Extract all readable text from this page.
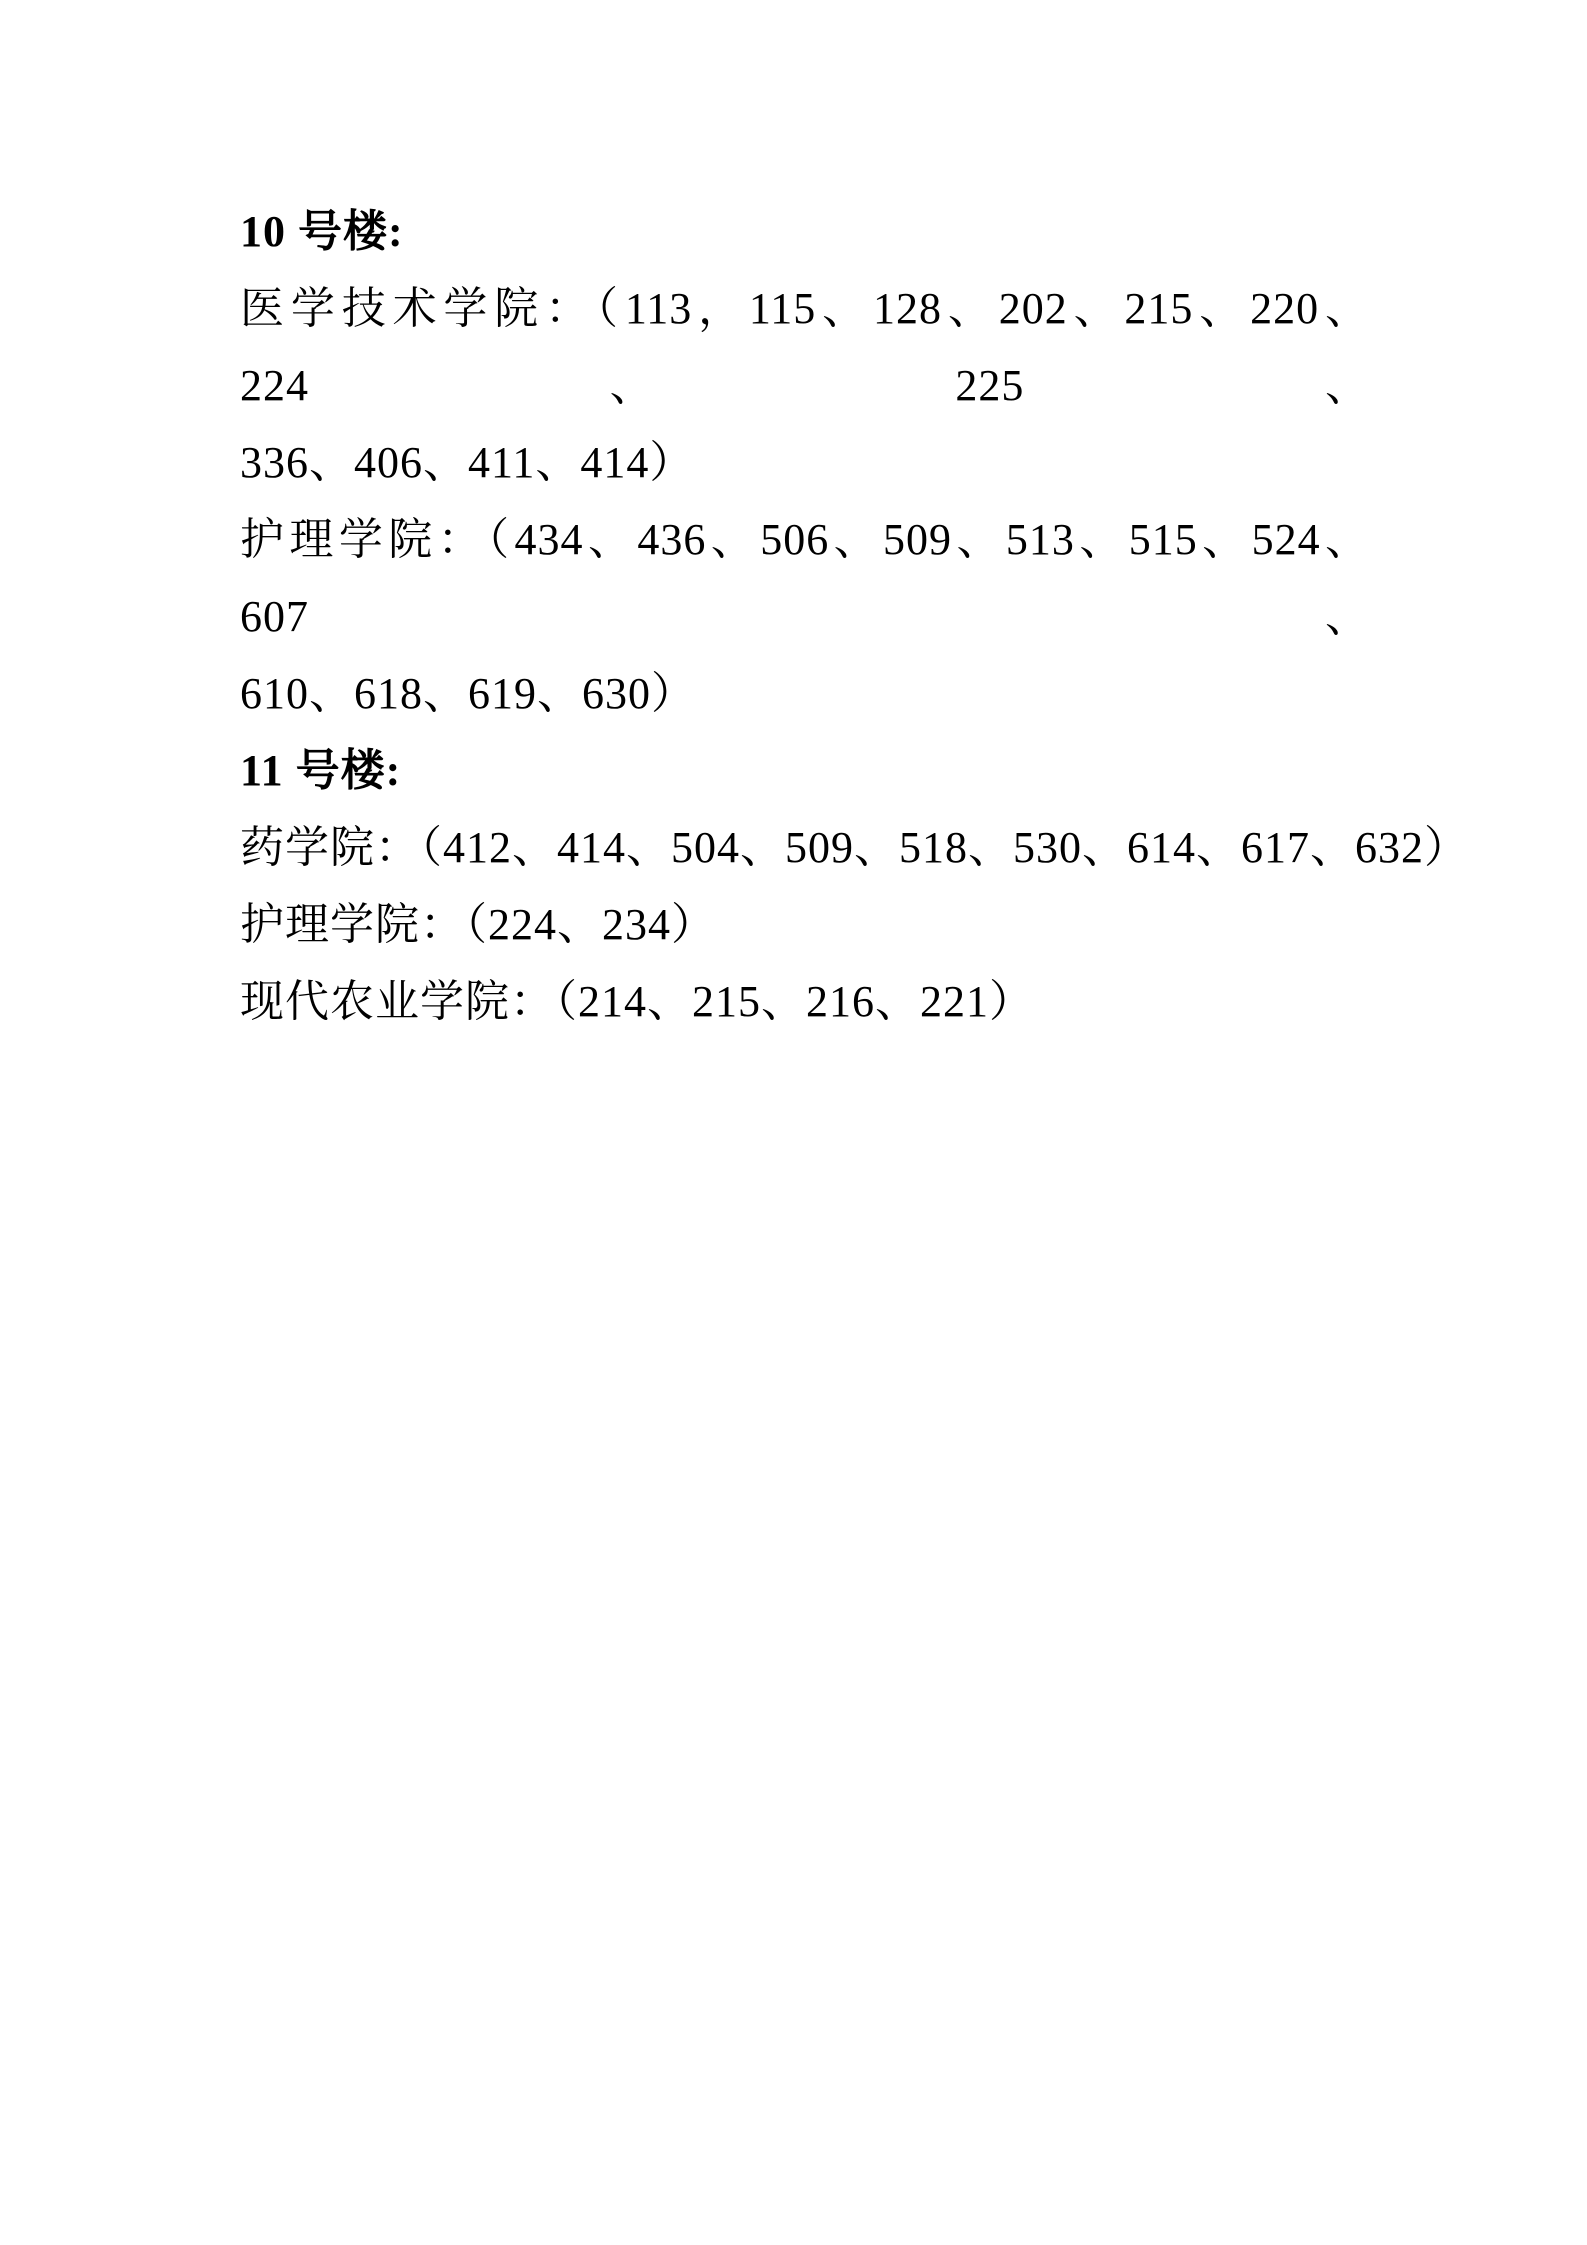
10 号楼:
医学技术学院：（113，115、128、202、215、220、224、225、
336、406、411、414）
护理学院：（434、436、506、509、513、515、524、607、
610、618、619、630）
11 号楼:
药学院：（412、414、504、509、518、530、614、617、632）
护理学院：（224、234）
现代农业学院：（214、215、216、221）
